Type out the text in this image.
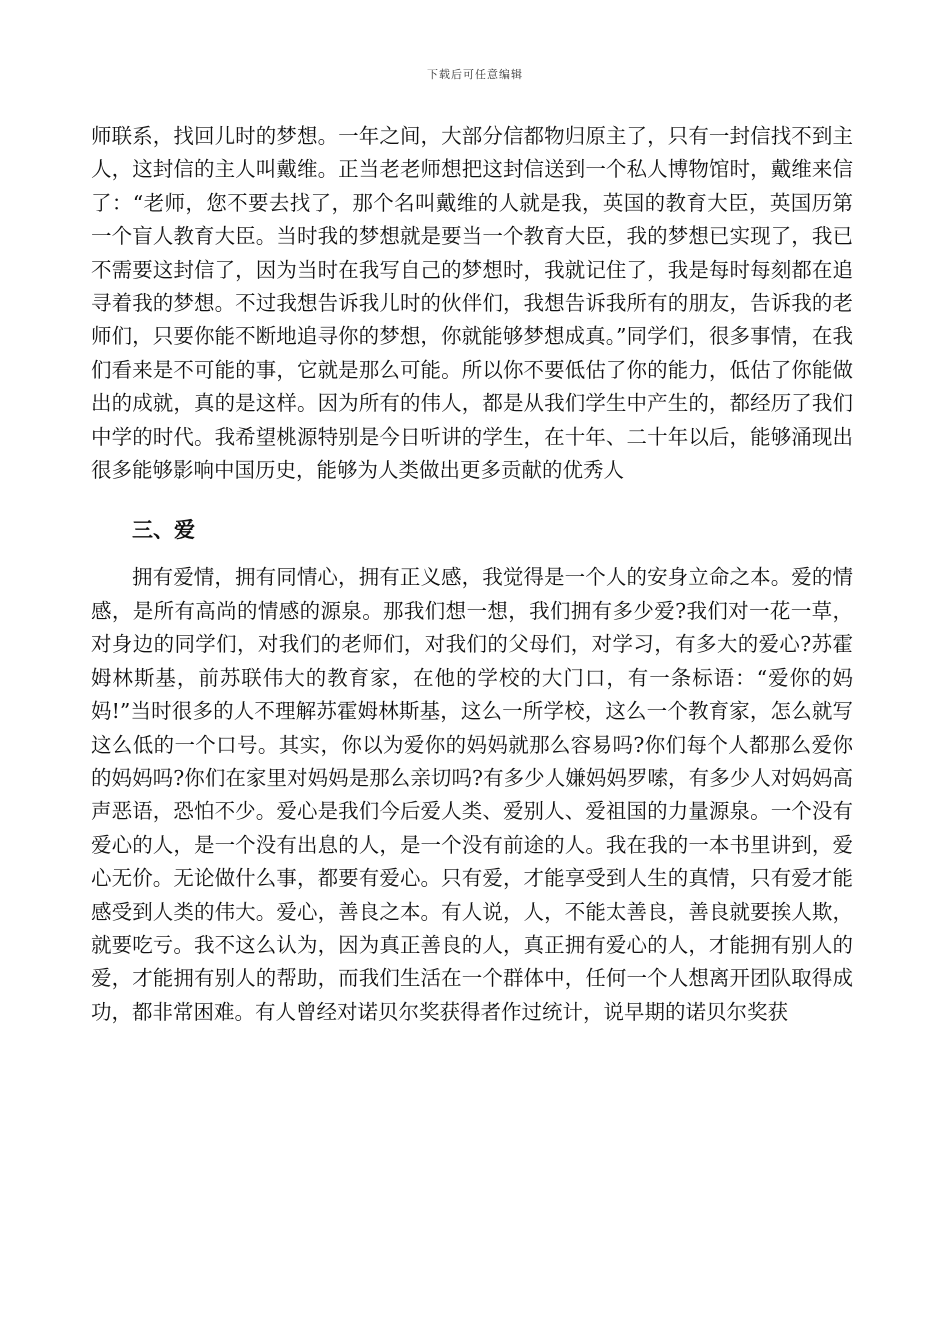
下载后可任意编辑

师联系，找回儿时的梦想。一年之间，大部分信都物归原主了，只有一封信找不到主人，这封信的主人叫戴维。正当老老师想把这封信送到一个私人博物馆时，戴维来信了：“老师，您不要去找了，那个名叫戴维的人就是我，英国的教育大臣，英国历第一个盲人教育大臣。当时我的梦想就是要当一个教育大臣，我的梦想已实现了，我已不需要这封信了，因为当时在我写自己的梦想时，我就记住了，我是每时每刻都在追寻着我的梦想。不过我想告诉我儿时的伙伴们，我想告诉我所有的朋友，告诉我的老师们，只要你能不断地追寻你的梦想，你就能够梦想成真。”同学们，很多事情，在我们看来是不可能的事，它就是那么可能。所以你不要低估了你的能力，低估了你能做出的成就，真的是这样。因为所有的伟人，都是从我们学生中产生的，都经历了我们中学的时代。我希望桃源特别是今日听讲的学生，在十年、二十年以后，能够涌现出很多能够影响中国历史，能够为人类做出更多贡献的优秀人

三、爱

拥有爱情，拥有同情心，拥有正义感，我觉得是一个人的安身立命之本。爱的情感，是所有高尚的情感的源泉。那我们想一想，我们拥有多少爱?我们对一花一草，对身边的同学们，对我们的老师们，对我们的父母们，对学习，有多大的爱心?苏霍姆林斯基，前苏联伟大的教育家，在他的学校的大门口，有一条标语：“爱你的妈妈!”当时很多的人不理解苏霍姆林斯基，这么一所学校，这么一个教育家，怎么就写这么低的一个口号。其实，你以为爱你的妈妈就那么容易吗?你们每个人都那么爱你的妈妈吗?你们在家里对妈妈是那么亲切吗?有多少人嫌妈妈罗嗦，有多少人对妈妈高声恶语，恐怕不少。爱心是我们今后爱人类、爱别人、爱祖国的力量源泉。一个没有爱心的人，是一个没有出息的人，是一个没有前途的人。我在我的一本书里讲到，爱心无价。无论做什么事，都要有爱心。只有爱，才能享受到人生的真情，只有爱才能感受到人类的伟大。爱心，善良之本。有人说，人，不能太善良，善良就要挨人欺，就要吃亏。我不这么认为，因为真正善良的人，真正拥有爱心的人，才能拥有别人的爱，才能拥有别人的帮助，而我们生活在一个群体中，任何一个人想离开团队取得成功，都非常困难。有人曾经对诺贝尔奖获得者作过统计，说早期的诺贝尔奖获
